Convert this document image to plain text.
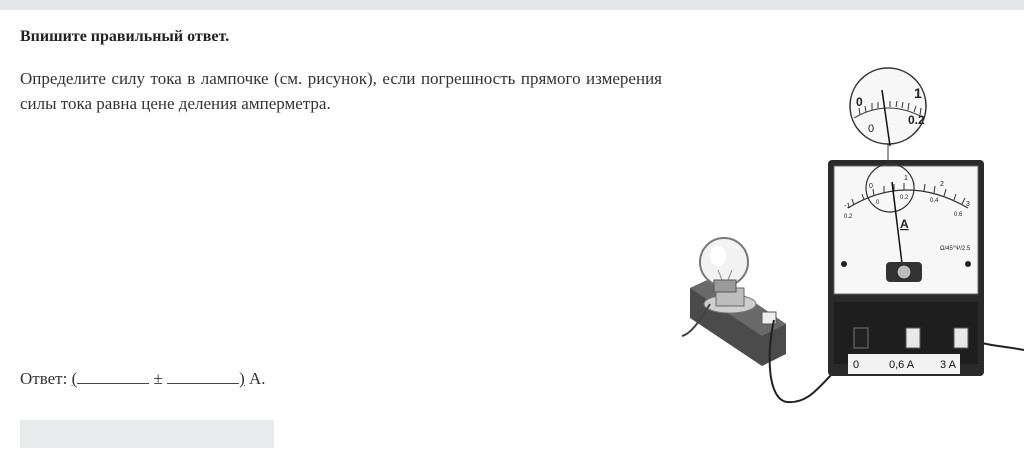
Впишите правильный ответ.
Определите силу тока в лампочке (см. рисунок), если погрешность прямого измерения силы тока равна цене деления амперметра.
Ответ: (	±	) А.
-1
0.2
0
0
1
0.2
2
0.4	3
0.6
A
Ω/45°Ψ/2.5
0	0,6 A 3 A
0
0
1
0.2
